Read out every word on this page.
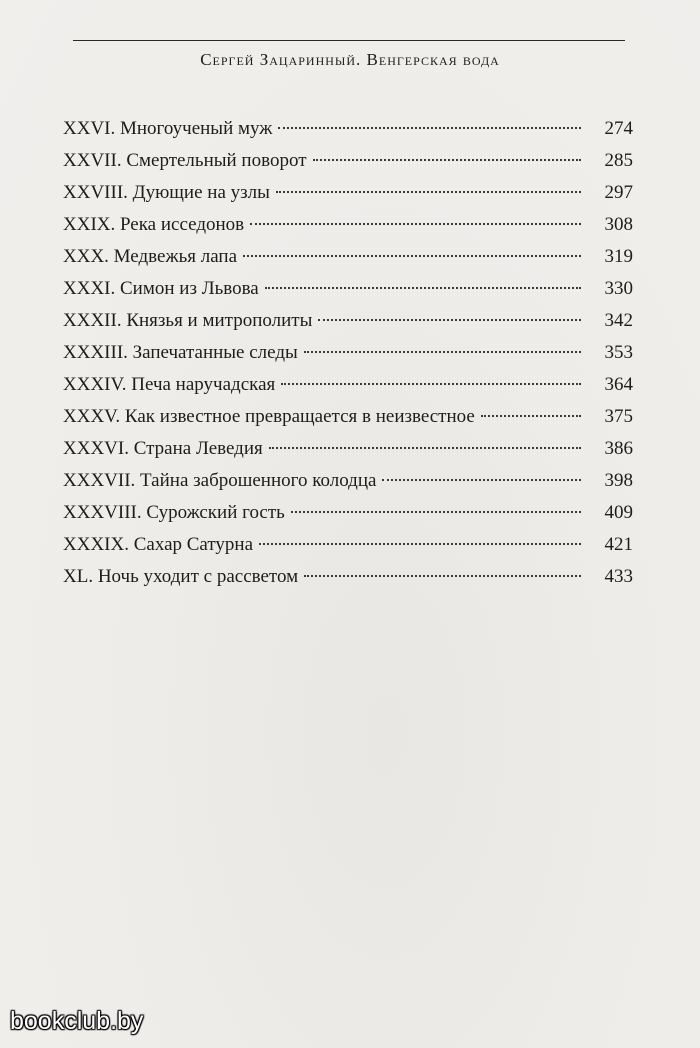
Сергей Зацаринный. Венгерская вода
XXVI. Многоученый муж	274
XXVII. Смертельный поворот	285
XXVIII. Дующие на узлы	297
XXIX. Река исседонов	308
XXX. Медвежья лапа	319
XXXI. Симон из Львова	330
XXXII. Князья и митрополиты	342
XXXIII. Запечатанные следы	353
XXXIV. Печа наручадская	364
XXXV. Как известное превращается в неизвестное	375
XXXVI. Страна Леведия	386
XXXVII. Тайна заброшенного колодца	398
XXXVIII. Сурожский гость	409
XXXIX. Сахар Сатурна	421
XL. Ночь уходит с рассветом	433
bookclub.by
